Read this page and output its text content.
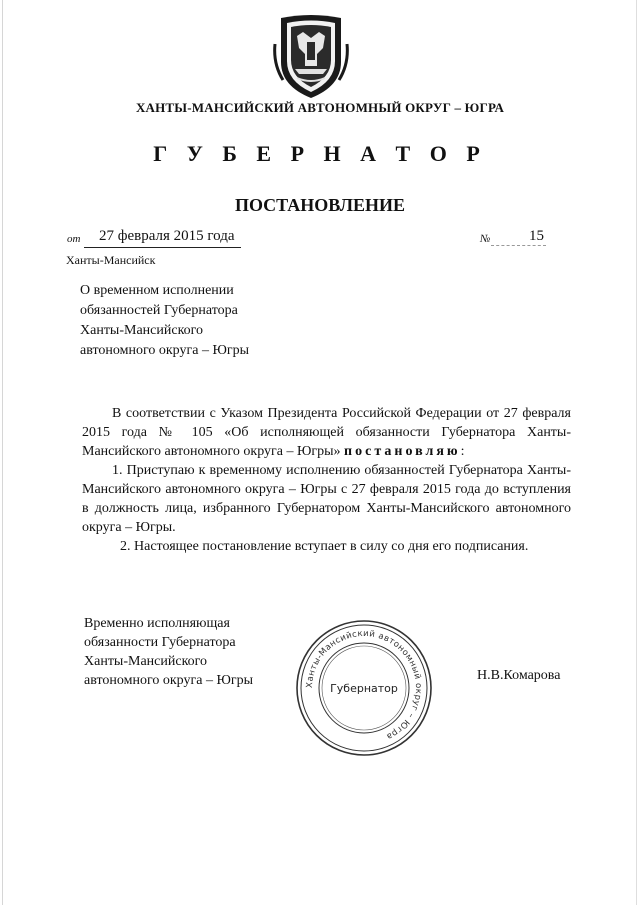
ХАНТЫ-МАНСИЙСКИЙ АВТОНОМНЫЙ ОКРУГ – ЮГРА
Г У Б Е Р Н А Т О Р
ПОСТАНОВЛЕНИЕ
от 27 февраля 2015 года	№	15
Ханты-Мансийск
О временном исполнении
обязанностей Губернатора
Ханты-Мансийского
автономного округа – Югры

В соответствии с Указом Президента Российской Федерации от 27 февраля 2015 года № 105 «Об исполняющей обязанности Губернатора Ханты-Мансийского автономного округа – Югры» постановляю:

1. Приступаю к временному исполнению обязанностей Губернатора Ханты-Мансийского автономного округа – Югры с 27 февраля 2015 года до вступления в должность лица, избранного Губернатором Ханты-Мансийского автономного округа – Югры.

2. Настоящее постановление вступает в силу со дня его подписания.

Временно исполняющая
обязанности Губернатора
Ханты-Мансийского
автономного округа – Югры	Ханты-Мансийский автономный округ – Югра
Губернатор
Н.В.Комарова
